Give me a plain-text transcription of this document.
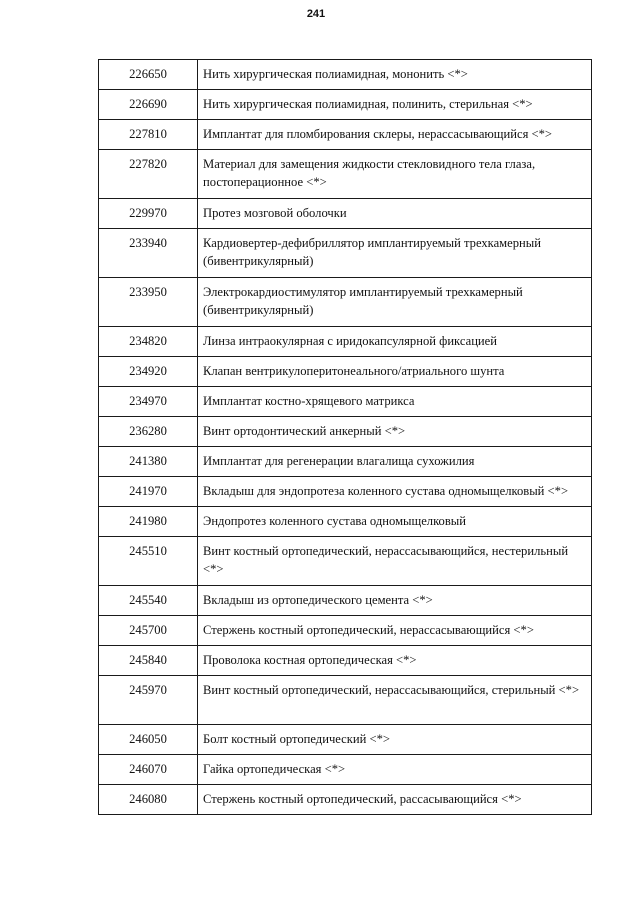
241
226650	Нить хирургическая полиамидная, мононить <*>
226690	Нить хирургическая полиамидная, полинить, стерильная <*>
227810	Имплантат для пломбирования склеры, нерассасывающийся <*>
227820	Материал для замещения жидкости стекловидного тела глаза, постоперационное <*>
229970	Протез мозговой оболочки
233940	Кардиовертер-дефибриллятор имплантируемый трехкамерный (бивентрикулярный)
233950	Электрокардиостимулятор имплантируемый трехкамерный (бивентрикулярный)
234820	Линза интраокулярная с иридокапсулярной фиксацией
234920	Клапан вентрикулоперитонеального/атриального шунта
234970	Имплантат костно-хрящевого матрикса
236280	Винт ортодонтический анкерный <*>
241380	Имплантат для регенерации влагалища сухожилия
241970	Вкладыш для эндопротеза коленного сустава одномыщелковый <*>
241980	Эндопротез коленного сустава одномыщелковый
245510	Винт костный ортопедический, нерассасывающийся, нестерильный <*>
245540	Вкладыш из ортопедического цемента <*>
245700	Стержень костный ортопедический, нерассасывающийся <*>
245840	Проволока костная ортопедическая <*>
245970	Винт костный ортопедический, нерассасывающийся, стерильный <*>
246050	Болт костный ортопедический <*>
246070	Гайка ортопедическая <*>
246080	Стержень костный ортопедический, рассасывающийся <*>
